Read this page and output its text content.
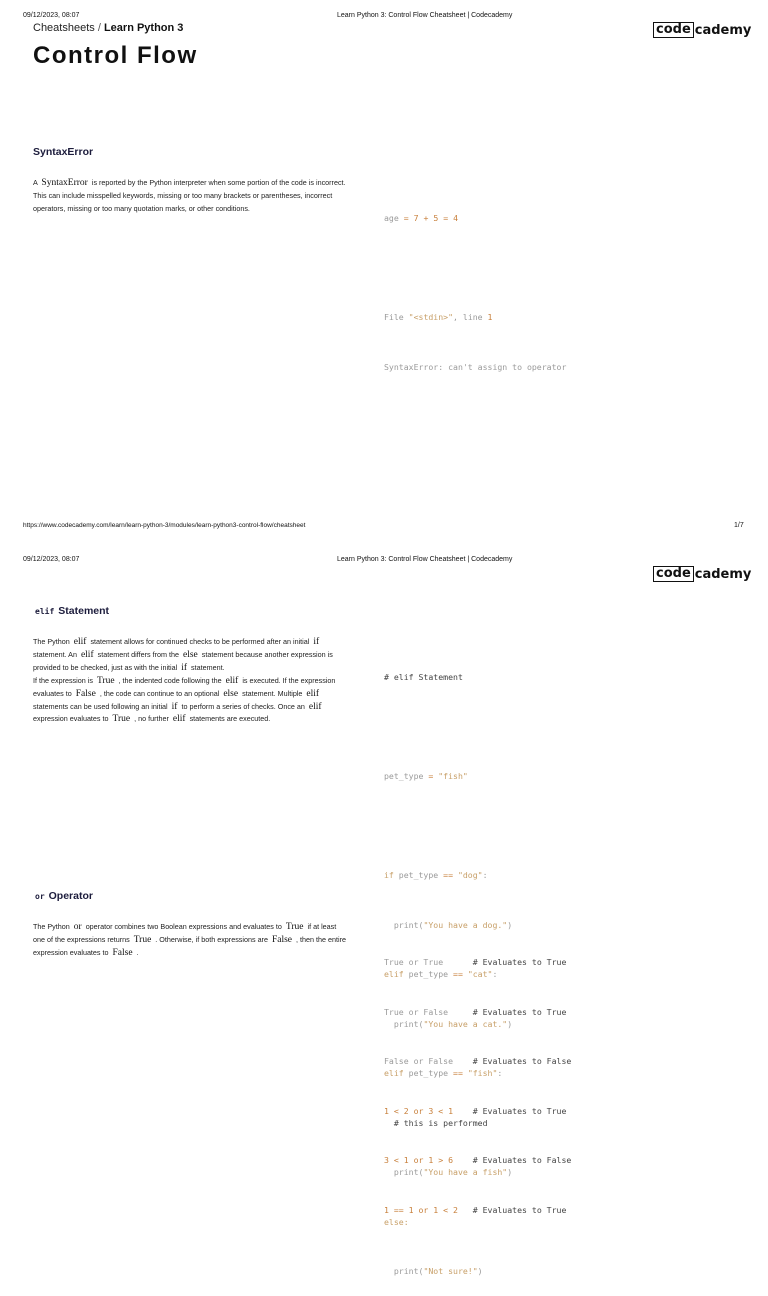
09/12/2023, 08:07	Learn Python 3: Control Flow Cheatsheet | Codecademy
Cheatsheets / Learn Python 3	code cademy
Control Flow
SyntaxError
A SyntaxError is reported by the Python interpreter when some portion of the code is incorrect. This can include misspelled keywords, missing or too many brackets or parentheses, incorrect operators, missing or too many quotation marks, or other conditions.

age = 7 + 5 = 4

File "<stdin>", line 1

SyntaxError: can't assign to operator

https://www.codecademy.com/learn/learn-python-3/modules/learn-python3-control-flow/cheatsheet	1/7
09/12/2023, 08:07	Learn Python 3: Control Flow Cheatsheet | Codecademy
code cademy
elif Statement
The Python elif statement allows for continued checks to be performed after an initial if statement. An elif statement differs from the else statement because another expression is provided to be checked, just as with the initial if statement.
If the expression is True , the indented code following the elif is executed. If the expression evaluates to False , the code can continue to an optional else statement. Multiple elif statements can be used following an initial if to perform a series of checks. Once an elif expression evaluates to True , no further elif statements are executed.

# elif Statement

pet_type = "fish"

if pet_type == "dog":

print("You have a dog.")

elif pet_type == "cat":

print("You have a cat.")

elif pet_type == "fish":

# this is performed

print("You have a fish")

else:

print("Not sure!")

or Operator
The Python or operator combines two Boolean expressions and evaluates to True if at least one of the expressions returns True . Otherwise, if both expressions are False , then the entire expression evaluates to False .

True or True      # Evaluates to True

True or False     # Evaluates to True

False or False    # Evaluates to False

1 < 2 or 3 < 1    # Evaluates to True

3 < 1 or 1 > 6    # Evaluates to False

1 == 1 or 1 < 2   # Evaluates to True
